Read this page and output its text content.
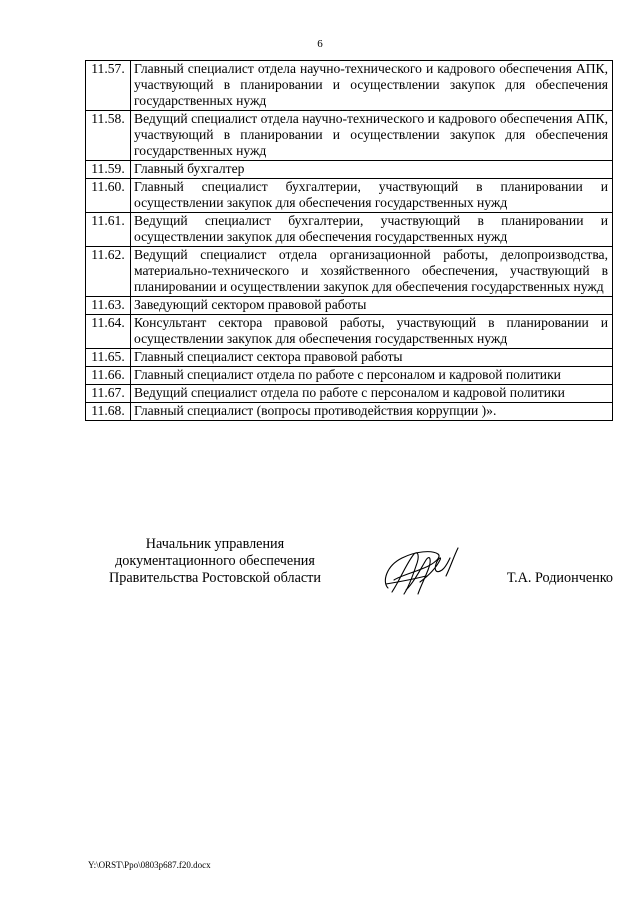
6
11.57.	Главный специалист отдела научно-технического и кадрового обеспечения АПК, участвующий в планировании и осуществлении закупок для обеспечения государственных нужд
11.58.	Ведущий специалист отдела научно-технического и кадрового обеспечения АПК, участвующий в планировании и осуществлении закупок для обеспечения государственных нужд
11.59.	Главный бухгалтер
11.60.	Главный специалист бухгалтерии, участвующий в планировании и осуществлении закупок для обеспечения государственных нужд
11.61.	Ведущий специалист бухгалтерии, участвующий в планировании и осуществлении закупок для обеспечения государственных нужд
11.62.	Ведущий специалист отдела организационной работы, делопроизводства, материально-технического и хозяйственного обеспечения, участвующий в планировании и осуществлении закупок для обеспечения государственных нужд
11.63.	Заведующий сектором правовой работы
11.64.	Консультант сектора правовой работы, участвующий в планировании и осуществлении закупок для обеспечения государственных нужд
11.65.	Главный специалист сектора правовой работы
11.66.	Главный специалист отдела по работе с персоналом и кадровой политики
11.67.	Ведущий специалист отдела по работе с персоналом и кадровой политики
11.68.	Главный специалист (вопросы противодействия коррупции )».
Начальник управления
документационного обеспечения
Правительства Ростовской области	Т.А. Родионченко
Y:\ORST\Ppo\0803p687.f20.docx
